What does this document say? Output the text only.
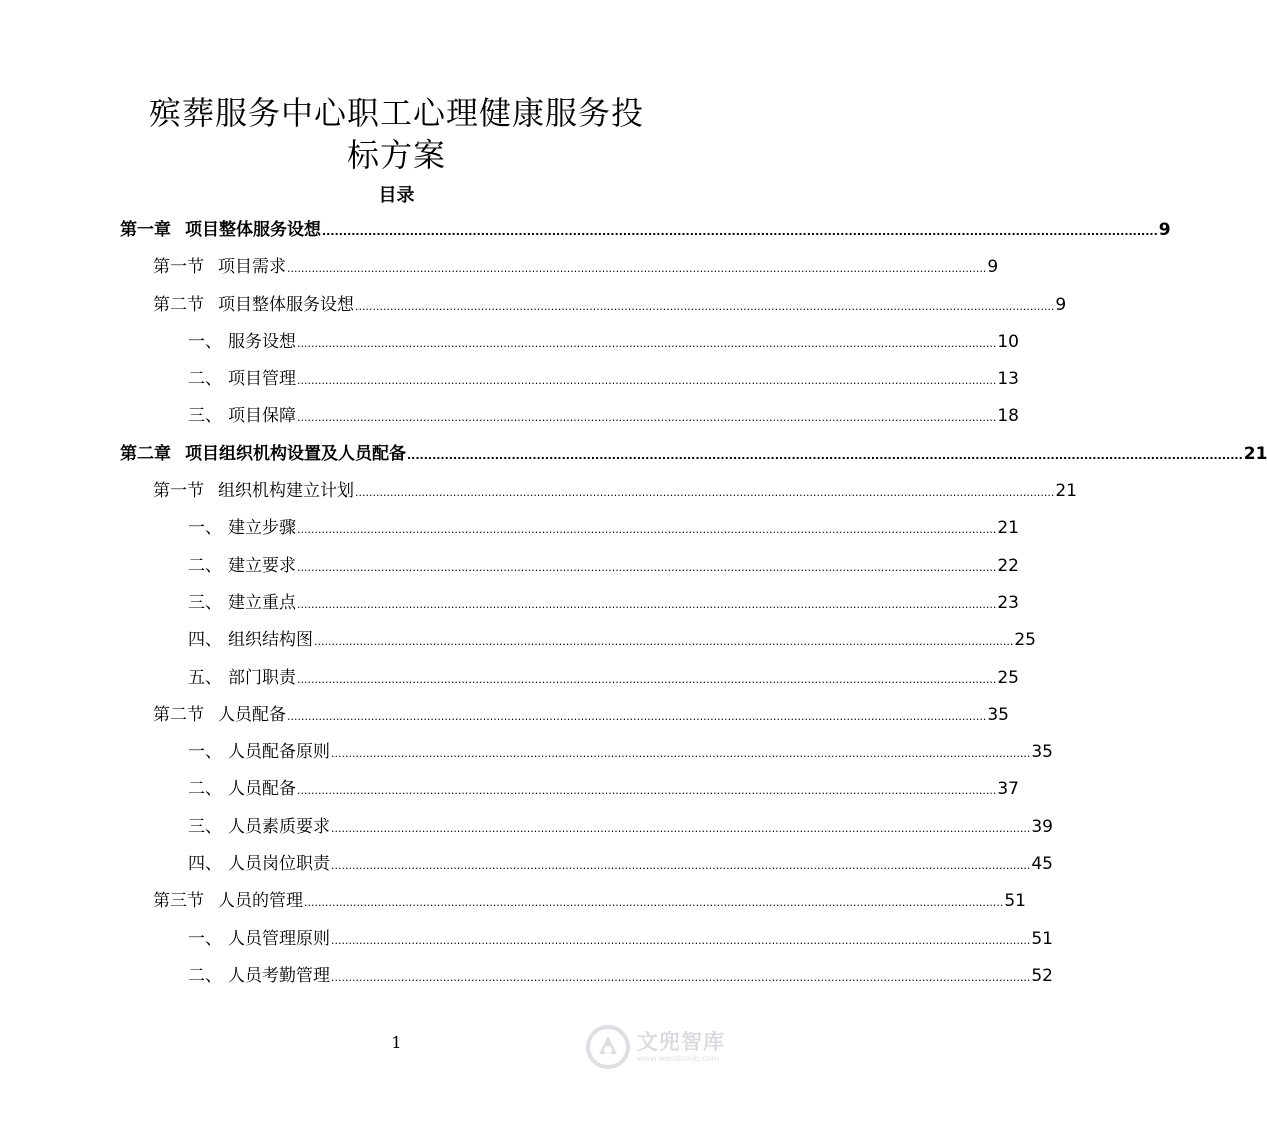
殡葬服务中心职工心理健康服务投
标方案
目录
第一章 项目整体服务设想 ........................................................................................................................................................................................................ 9
第一节 项目需求 ........................................................................................................................................................................................................ 9
第二节 项目整体服务设想 ........................................................................................................................................................................................................ 9
一、 服务设想 ........................................................................................................................................................................................................ 10
二、 项目管理 ........................................................................................................................................................................................................ 13
三、 项目保障 ........................................................................................................................................................................................................ 18
第二章 项目组织机构设置及人员配备 ........................................................................................................................................................................................................ 21
第一节 组织机构建立计划 ........................................................................................................................................................................................................ 21
一、 建立步骤 ........................................................................................................................................................................................................ 21
二、 建立要求 ........................................................................................................................................................................................................ 22
三、 建立重点 ........................................................................................................................................................................................................ 23
四、 组织结构图 ........................................................................................................................................................................................................ 25
五、 部门职责 ........................................................................................................................................................................................................ 25
第二节 人员配备 ........................................................................................................................................................................................................ 35
一、 人员配备原则 ........................................................................................................................................................................................................ 35
二、 人员配备 ........................................................................................................................................................................................................ 37
三、 人员素质要求 ........................................................................................................................................................................................................ 39
四、 人员岗位职责 ........................................................................................................................................................................................................ 45
第三节 人员的管理 ........................................................................................................................................................................................................ 51
一、 人员管理原则 ........................................................................................................................................................................................................ 51
二、 人员考勤管理 ........................................................................................................................................................................................................ 52
1	文兜智库
www.wenduolib.com
